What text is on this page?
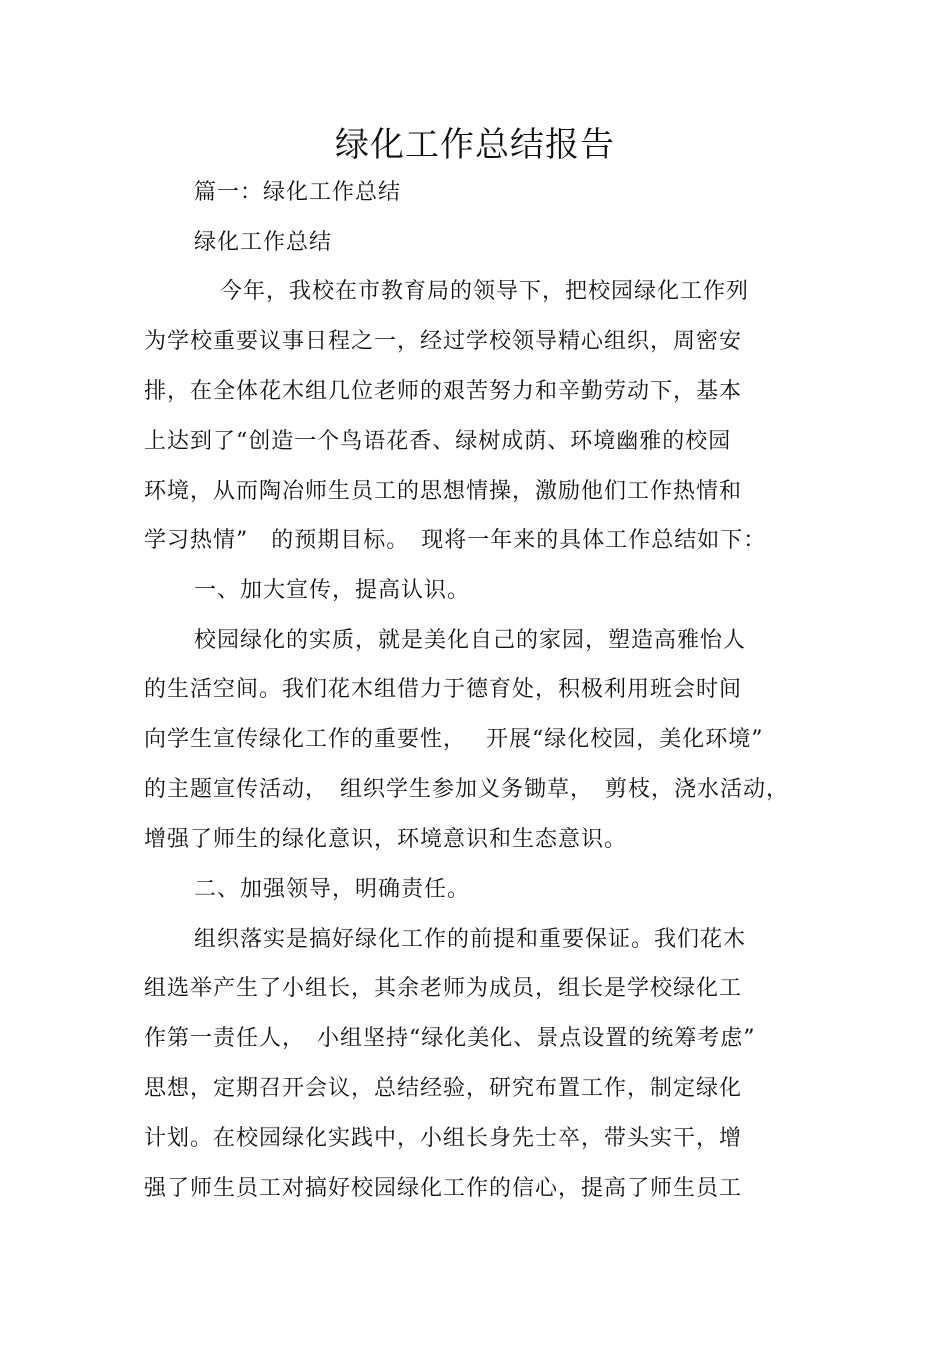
绿化工作总结报告
篇一：绿化工作总结
绿化工作总结
今年，我校在市教育局的领导下，把校园绿化工作列
为学校重要议事日程之一，经过学校领导精心组织，周密安
排，在全体花木组几位老师的艰苦努力和辛勤劳动下，基本
上达到了“创造一个鸟语花香、绿树成荫、环境幽雅的校园
环境，从而陶冶师生员工的思想情操，激励他们工作热情和
学习热情”　的预期目标。　现将一年来的具体工作总结如下：
一、加大宣传，提高认识。
校园绿化的实质，就是美化自己的家园，塑造高雅怡人
的生活空间。我们花木组借力于德育处，积极利用班会时间
向学生宣传绿化工作的重要性，　 开展“绿化校园，美化环境”
的主题宣传活动，　组织学生参加义务锄草，　剪枝，浇水活动，
增强了师生的绿化意识，环境意识和生态意识。
二、加强领导，明确责任。
组织落实是搞好绿化工作的前提和重要保证。我们花木
组选举产生了小组长，其余老师为成员，组长是学校绿化工
作第一责任人，　小组坚持“绿化美化、景点设置的统筹考虑”
思想，定期召开会议，总结经验，研究布置工作，制定绿化
计划。在校园绿化实践中，小组长身先士卒，带头实干，增
强了师生员工对搞好校园绿化工作的信心，提高了师生员工
